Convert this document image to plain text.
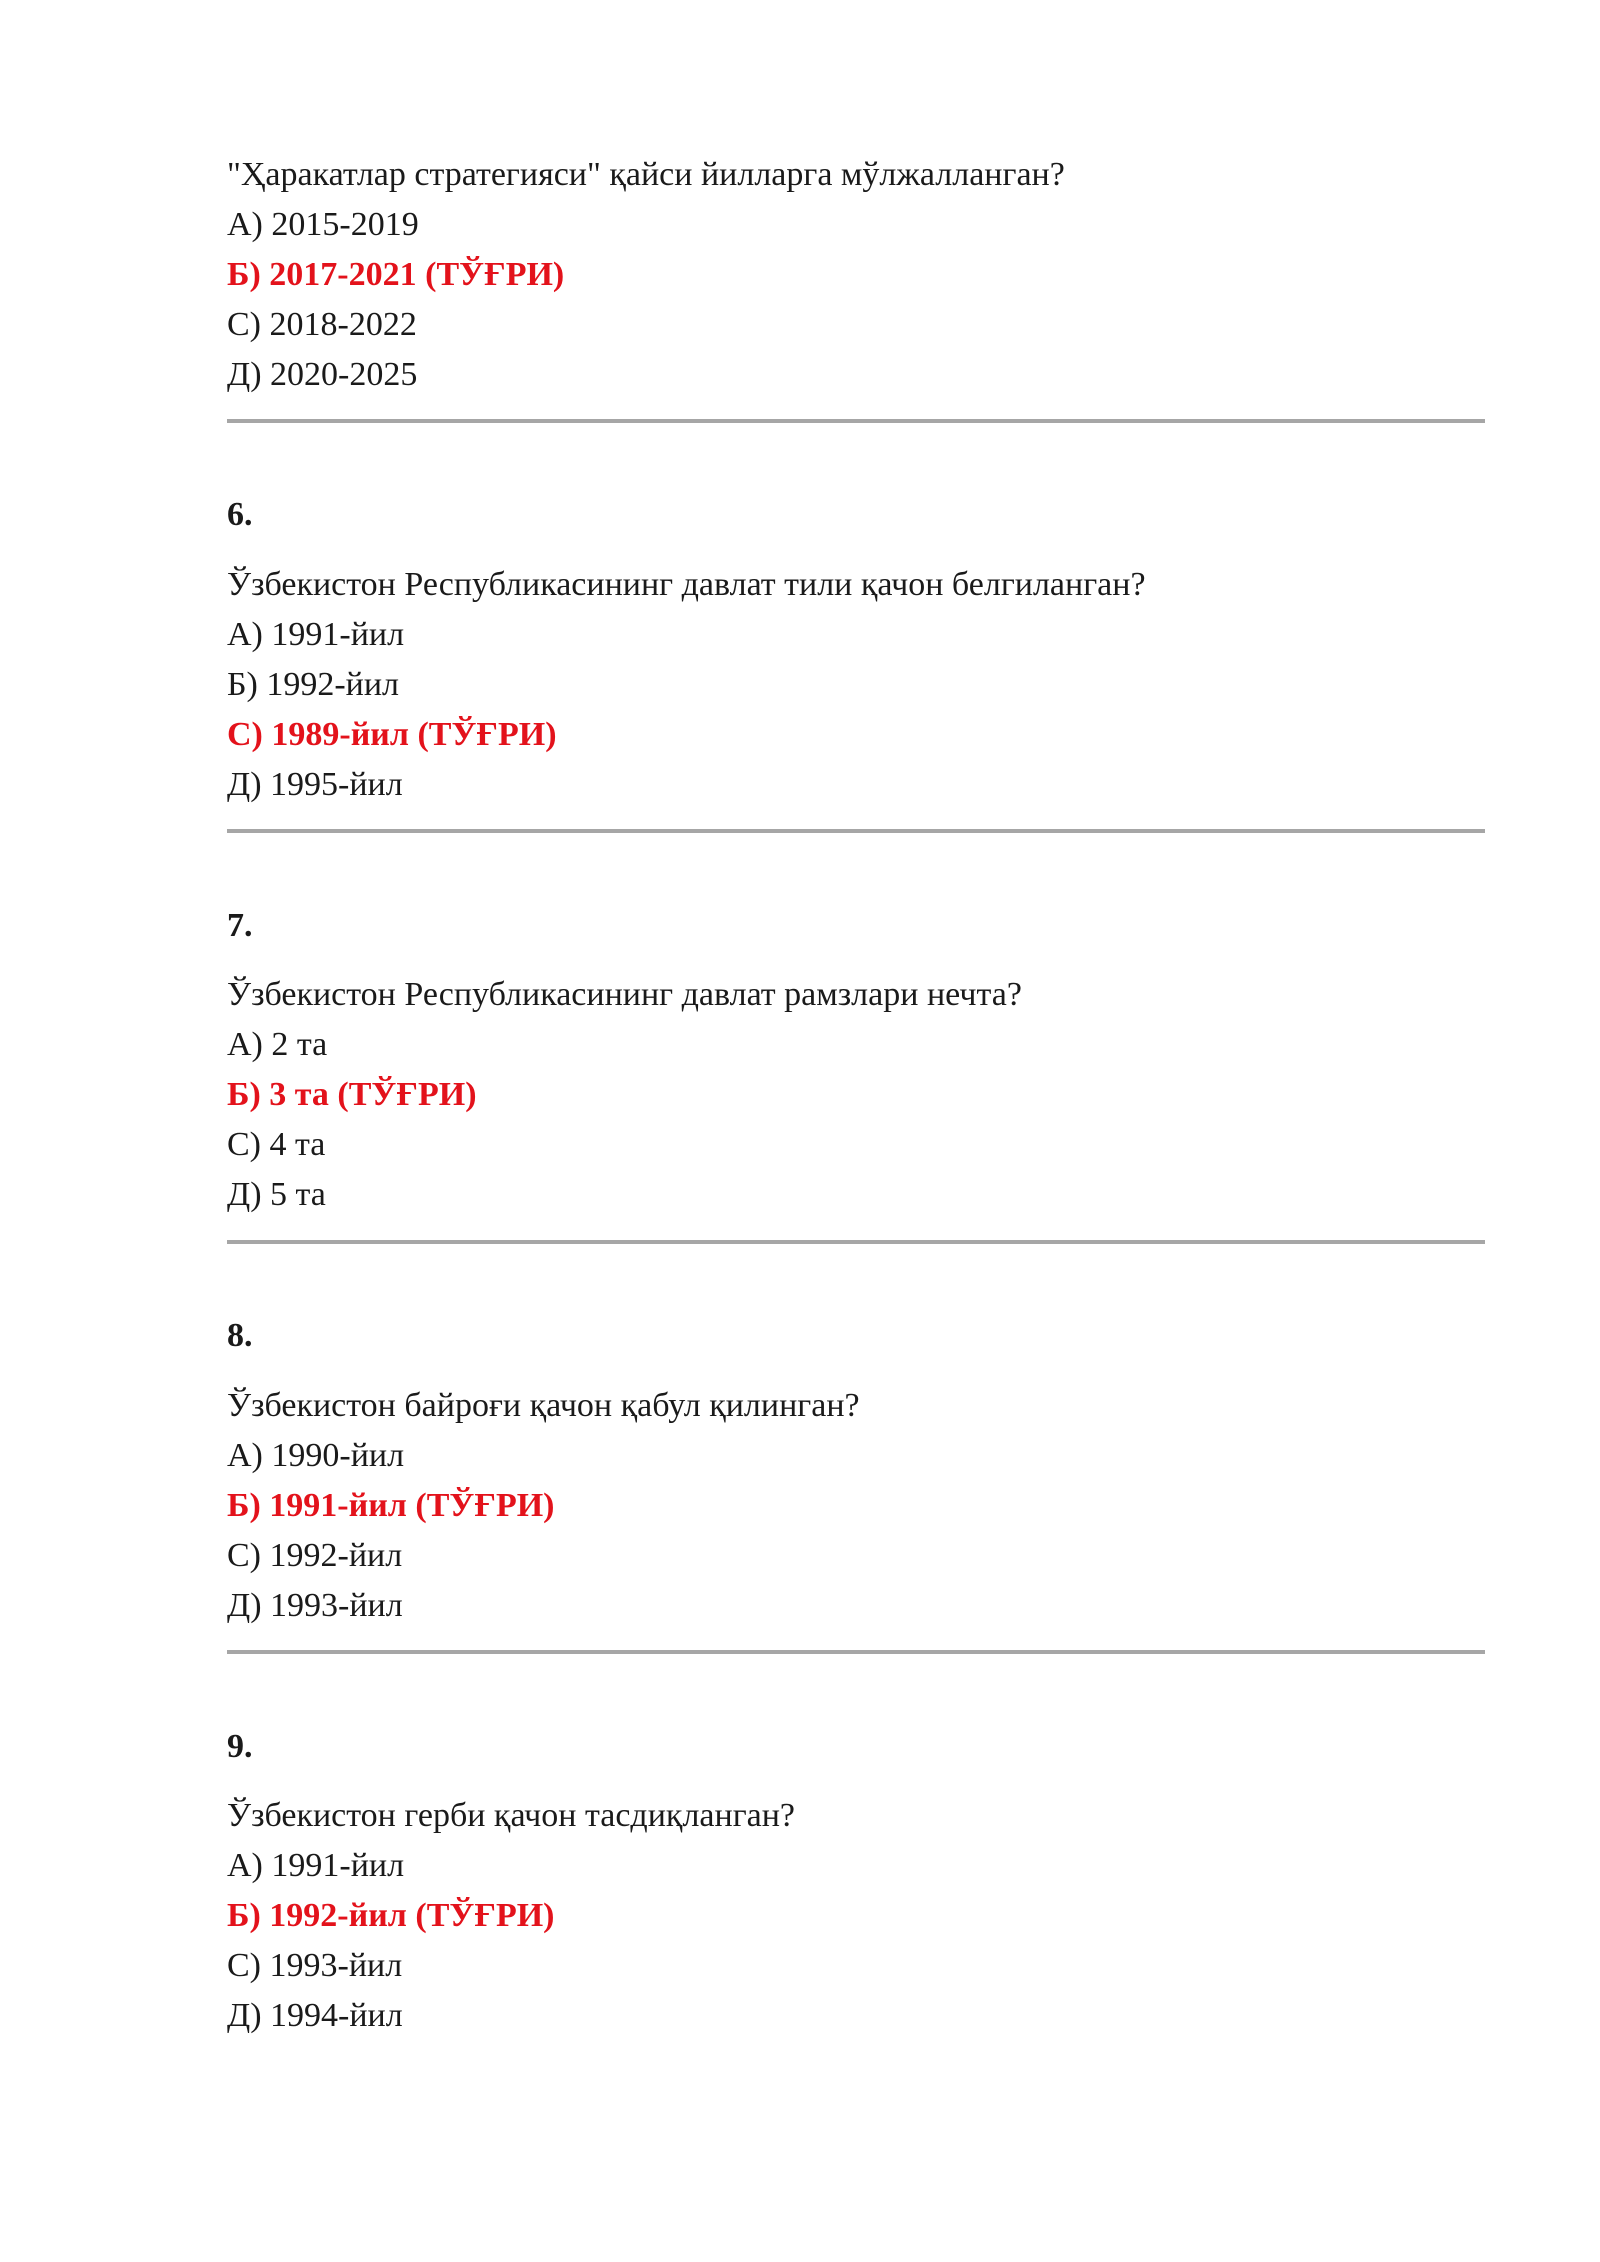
"Ҳаракатлар стратегияси" қайси йилларга мўлжалланган?

А) 2015-2019

Б) 2017-2021 (ТЎҒРИ)

С) 2018-2022

Д) 2020-2025

6.

Ўзбекистон Республикасининг давлат тили қачон белгиланган?

А) 1991-йил

Б) 1992-йил

С) 1989-йил (ТЎҒРИ)

Д) 1995-йил

7.

Ўзбекистон Республикасининг давлат рамзлари нечта?

А) 2 та

Б) 3 та (ТЎҒРИ)

С) 4 та

Д) 5 та

8.

Ўзбекистон байроғи қачон қабул қилинган?

А) 1990-йил

Б) 1991-йил (ТЎҒРИ)

С) 1992-йил

Д) 1993-йил

9.

Ўзбекистон герби қачон тасдиқланган?

А) 1991-йил

Б) 1992-йил (ТЎҒРИ)

С) 1993-йил

Д) 1994-йил
